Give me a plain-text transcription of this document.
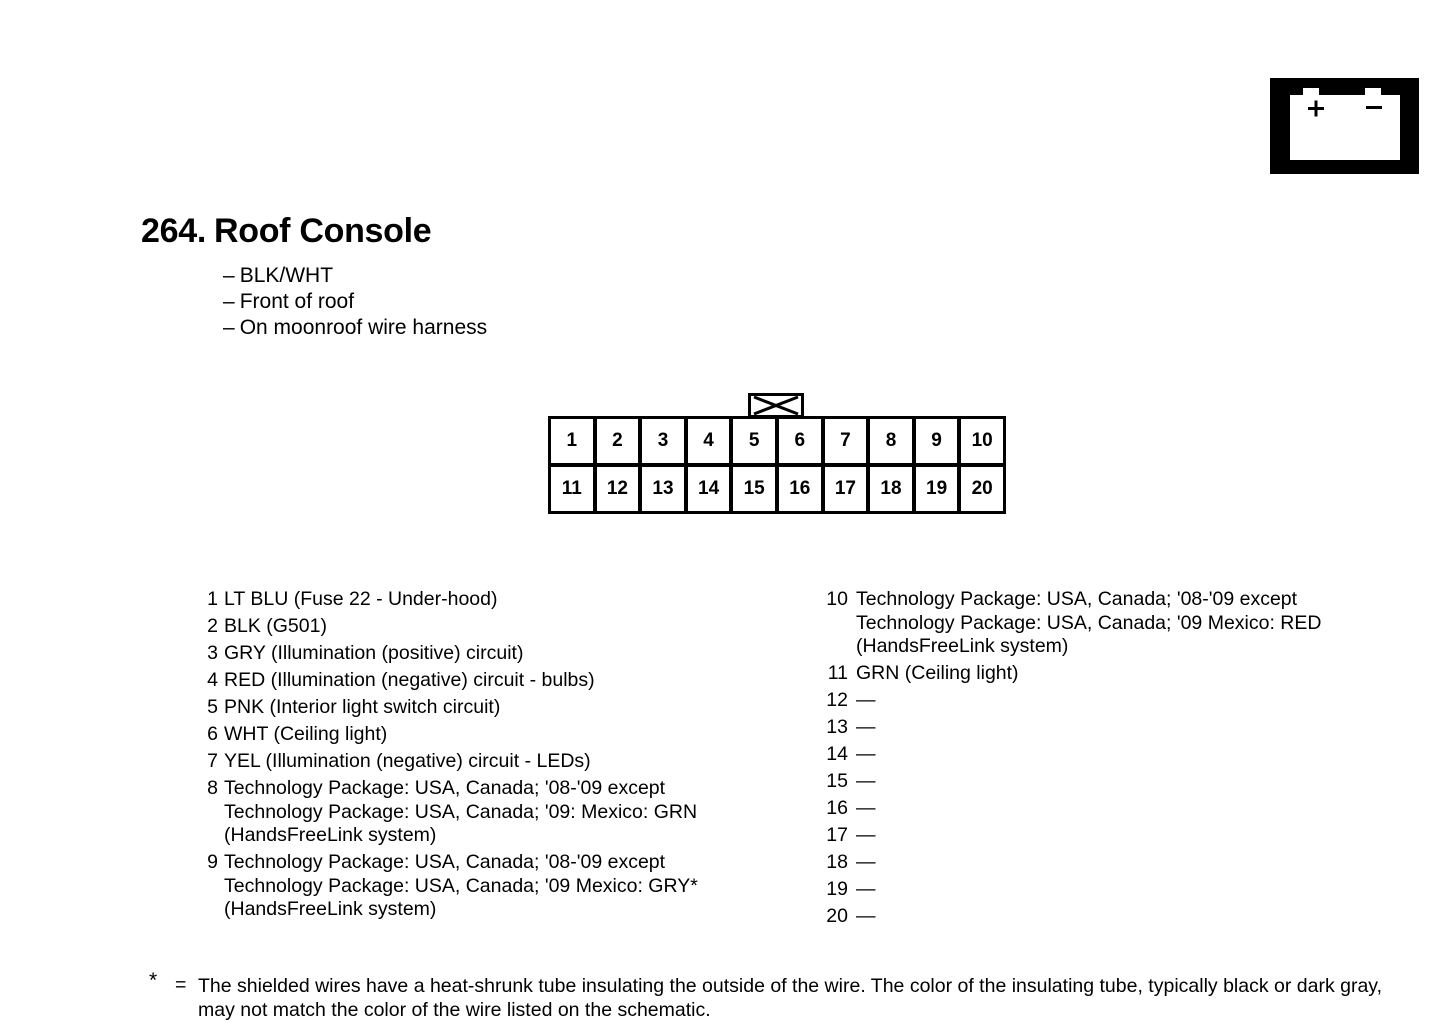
264. Roof Console
– BLK/WHT
– Front of roof
– On moonroof wire harness
1	2	3	4	5	6	7	8	9	10
11	12	13	14	15	16	17	18	19	20
1 LT BLU (Fuse 22 - Under-hood)
2 BLK (G501)
3 GRY (Illumination (positive) circuit)
4 RED (Illumination (negative) circuit - bulbs)
5 PNK (Interior light switch circuit)
6 WHT (Ceiling light)
7 YEL (Illumination (negative) circuit - LEDs)
8 Technology Package: USA, Canada; '08-'09 except
Technology Package: USA, Canada; '09: Mexico: GRN
(HandsFreeLink system)
9 Technology Package: USA, Canada; '08-'09 except
Technology Package: USA, Canada; '09 Mexico: GRY*
(HandsFreeLink system)
10 Technology Package: USA, Canada; '08-'09 except
Technology Package: USA, Canada; '09 Mexico: RED
(HandsFreeLink system)
11 GRN (Ceiling light)
12 —
13 —
14 —
15 —
16 —
17 —
18 —
19 —
20 —
* = The shielded wires have a heat-shrunk tube insulating the outside of the wire. The color of the insulating tube, typically black or dark gray, may not match the color of the wire listed on the schematic.
